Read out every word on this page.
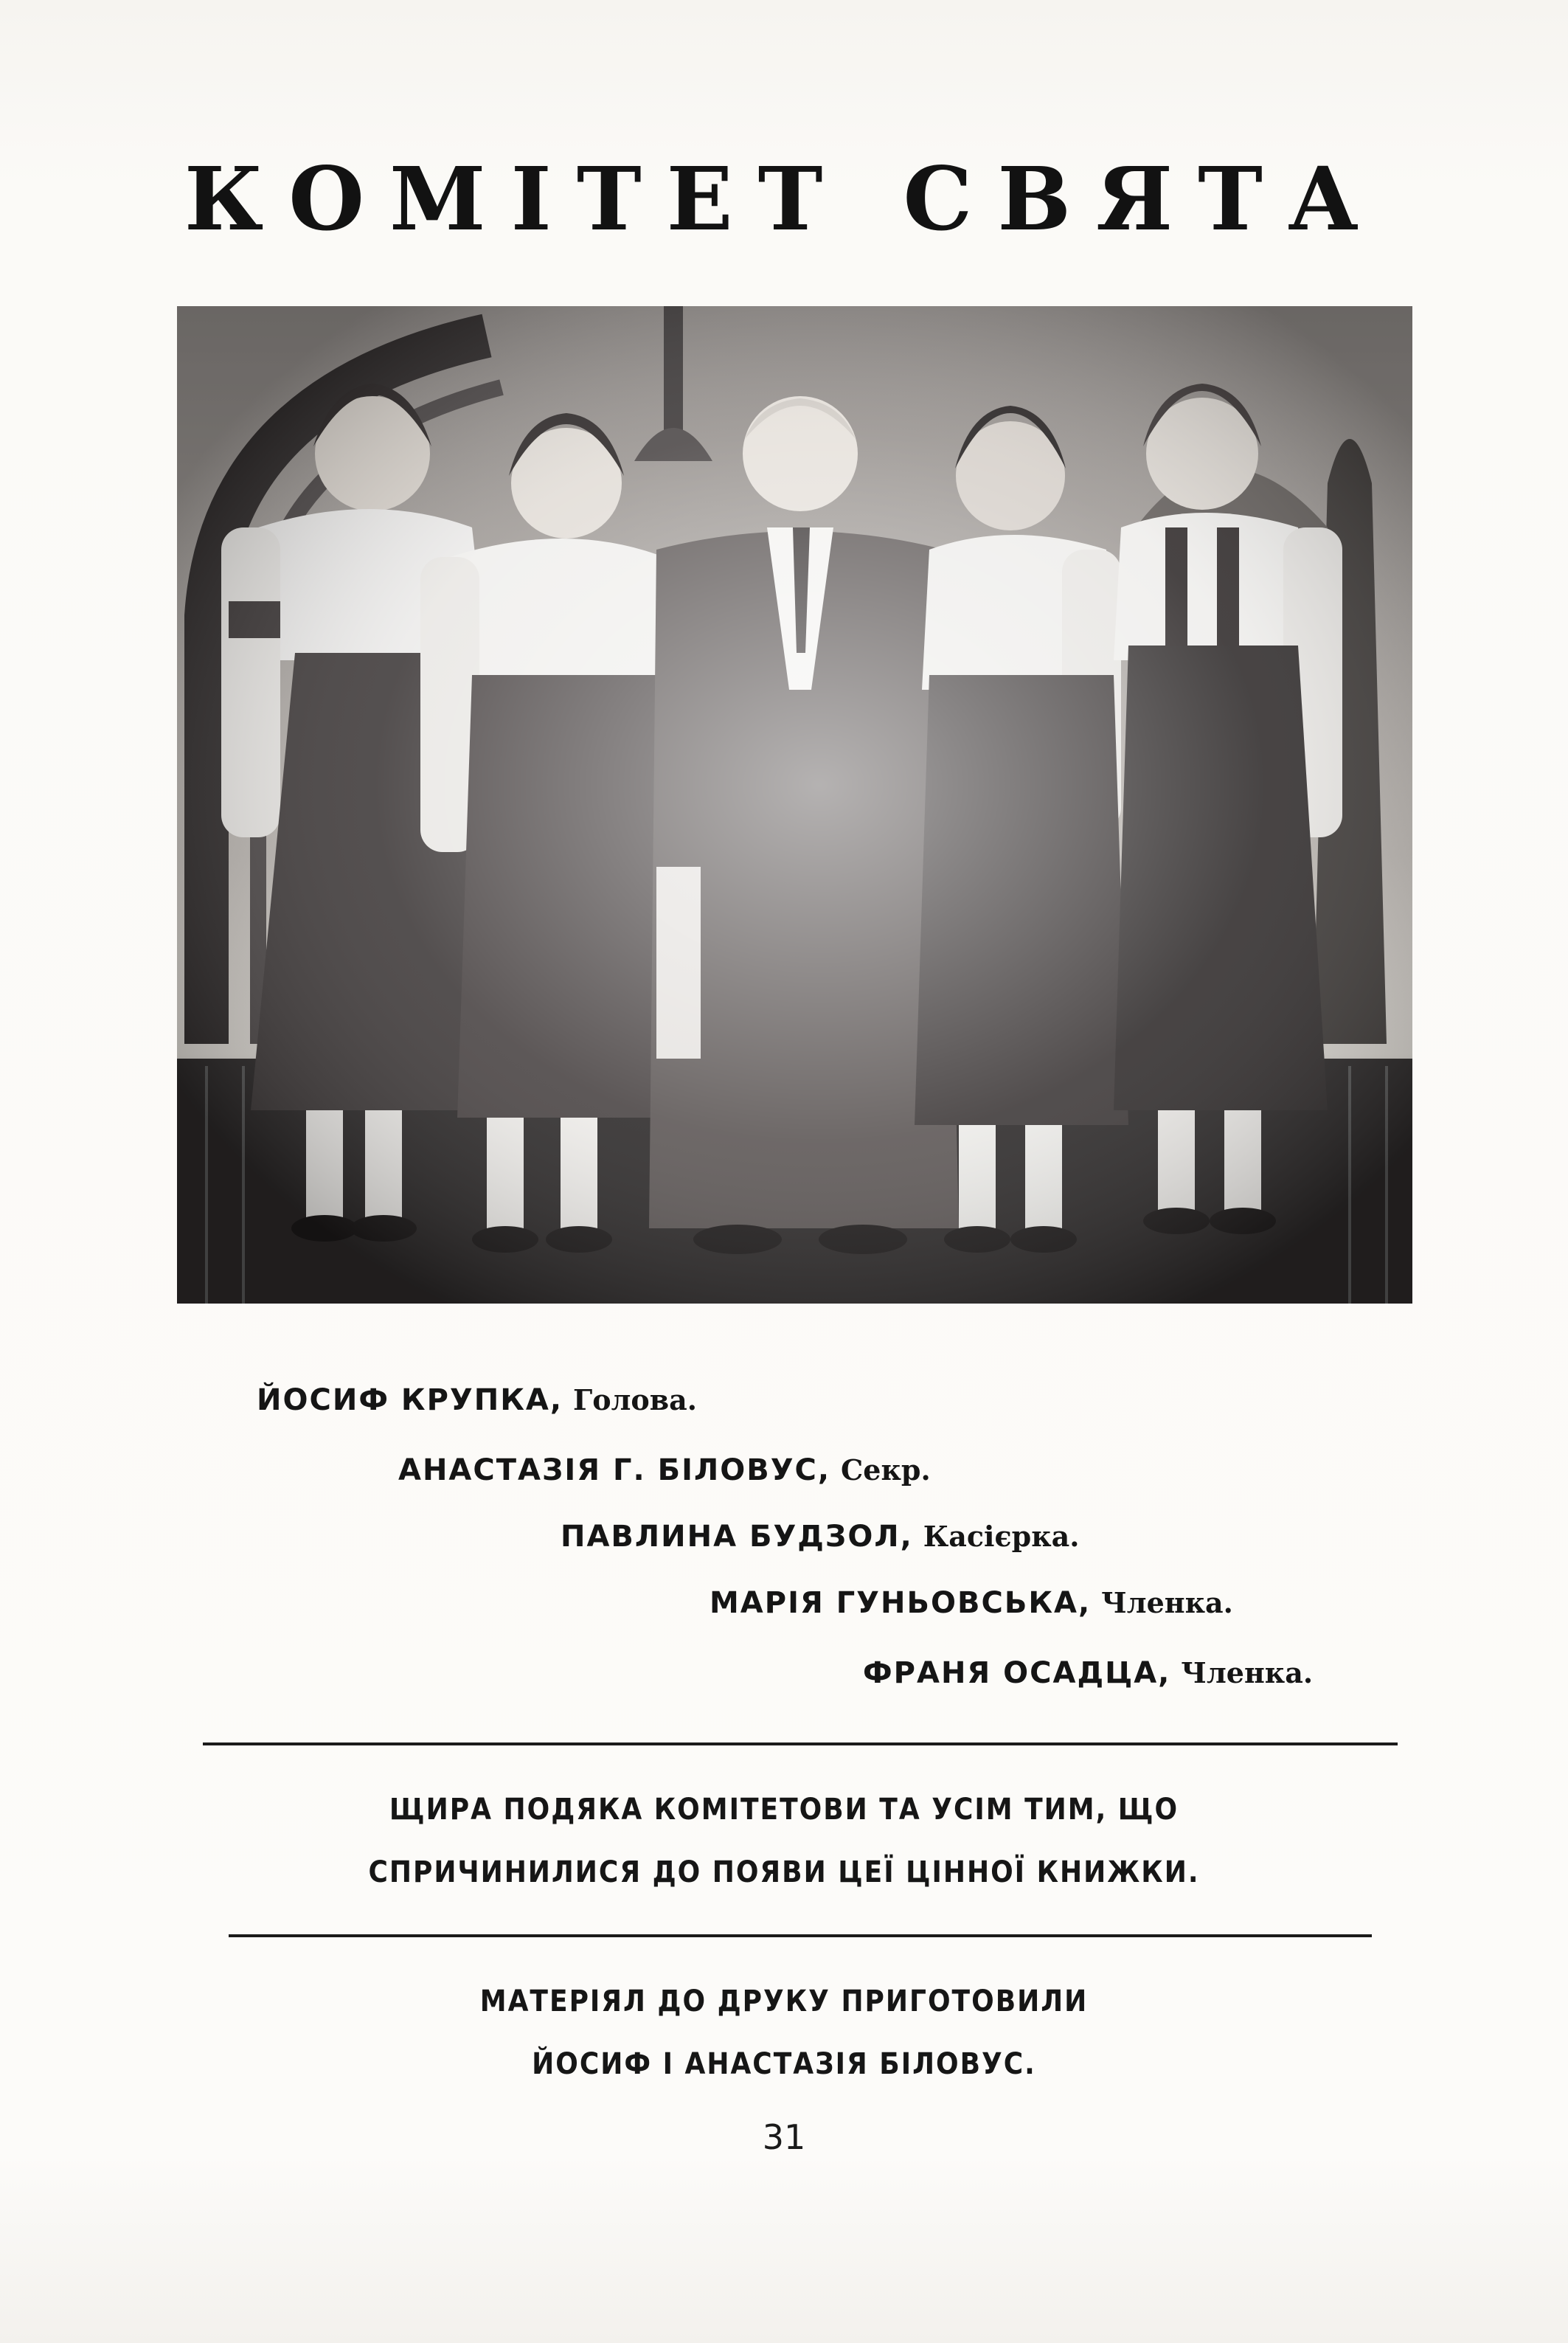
КОМІТЕТ СВЯТА
ЙОСИФ КРУПКА, Голова.
АНАСТАЗІЯ Г. БІЛОВУС, Секр.
ПАВЛИНА БУДЗОЛ, Касієрка.
МАРІЯ ГУНЬОВСЬКА, Членка.
ФРАНЯ ОСАДЦА, Членка.
ЩИРА ПОДЯКА КОМІТЕТОВИ ТА УСІМ ТИМ, ЩО
СПРИЧИНИЛИСЯ ДО ПОЯВИ ЦЕЇ ЦІННОЇ КНИЖКИ.
МАТЕРІЯЛ ДО ДРУКУ ПРИГОТОВИЛИ
ЙОСИФ І АНАСТАЗІЯ БІЛОВУС.
31
